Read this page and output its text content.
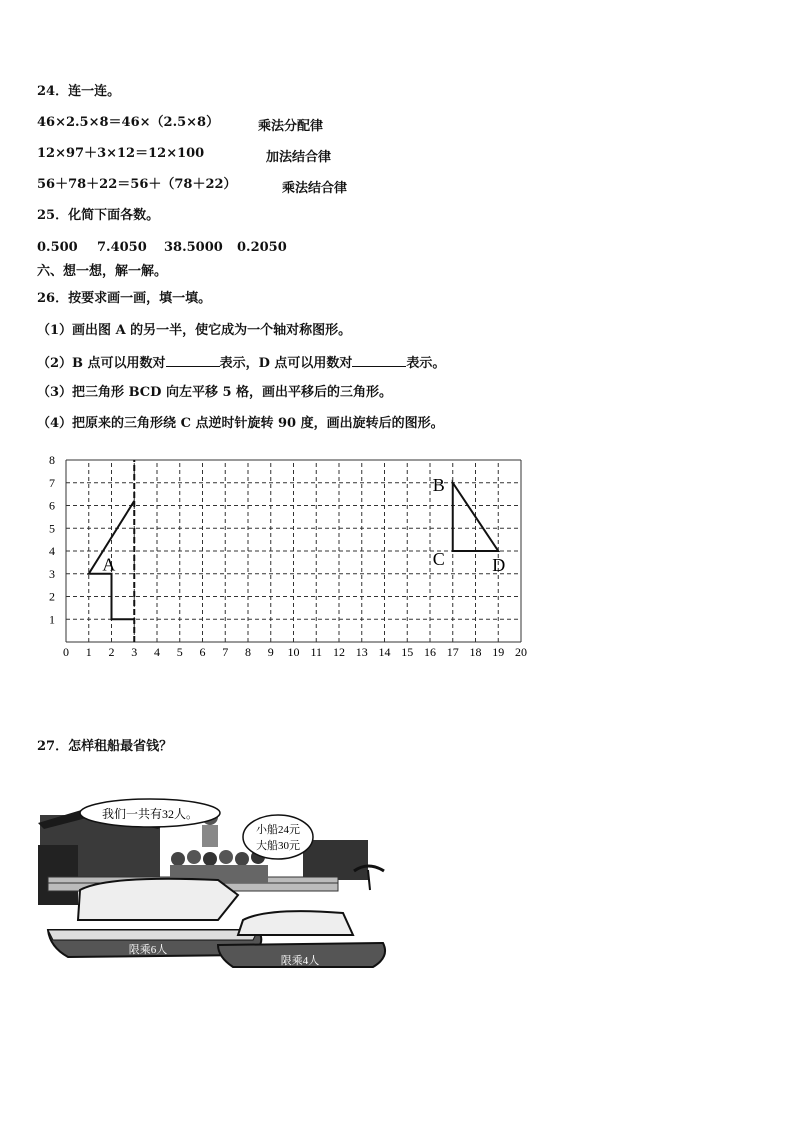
24．连一连。
46×2.5×8＝46×（2.5×8）	乘法分配律
12×97＋3×12＝12×100	加法结合律
56＋78＋22＝56＋（78＋22）	乘法结合律
25．化简下面各数。
0.500 7.4050 38.5000 0.2050
六、想一想，解一解。
26．按要求画一画，填一填。
（1）画出图 A 的另一半，使它成为一个轴对称图形。
（2）B 点可以用数对	表示，D 点可以用数对	表示。
（3）把三角形 BCD 向左平移 5 格，画出平移后的三角形。
（4）把原来的三角形绕 C 点逆时针旋转 90 度，画出旋转后的图形。
0 1 2 3 4 5 6 7 8 9 10 11 12 13 14 15 16 17 18 19 20
1
2
3
4
5
6
7
8
A
B
C	D
27．怎样租船最省钱？
我们一共有32人。
小船24元
大船30元
限乘6人
限乘4人
